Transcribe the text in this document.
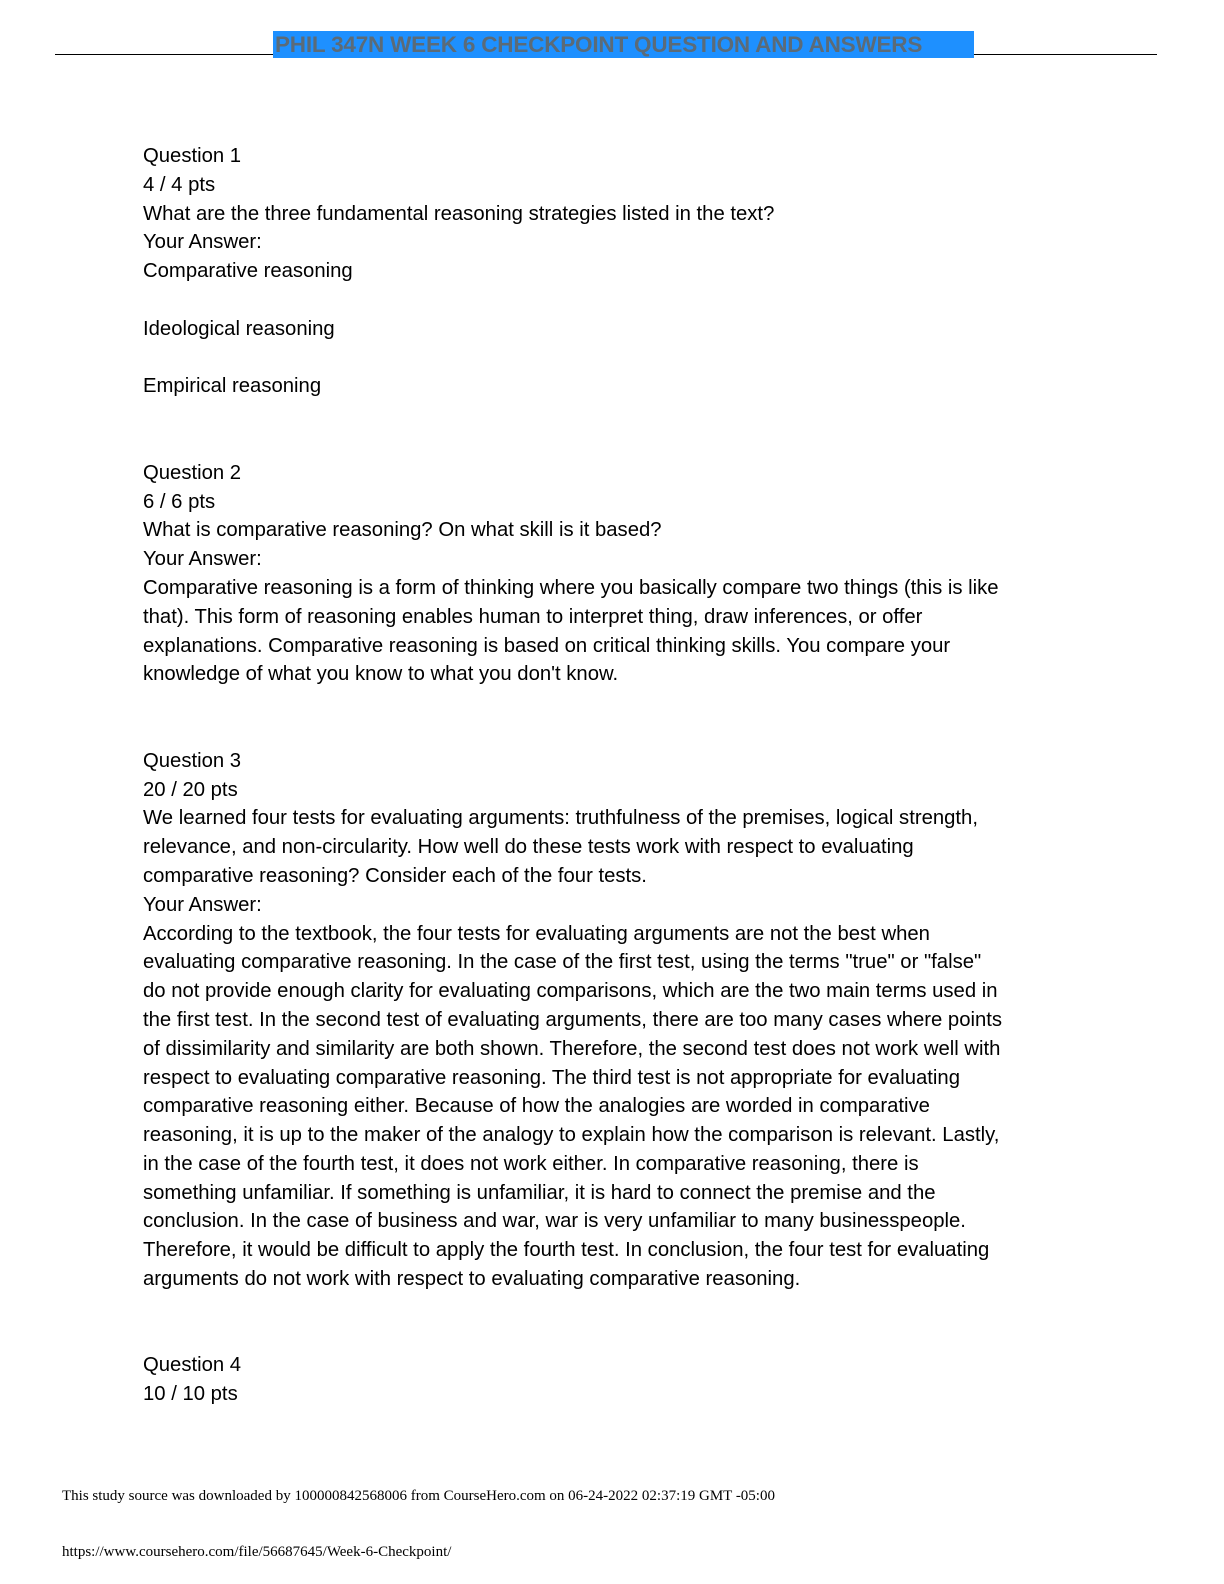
PHIL 347N WEEK 6 CHECKPOINT QUESTION AND ANSWERS
Question 1
4 / 4 pts
What are the three fundamental reasoning strategies listed in the text?
Your Answer:
Comparative reasoning
Ideological reasoning
Empirical reasoning
Question 2
6 / 6 pts
What is comparative reasoning? On what skill is it based?
Your Answer:
Comparative reasoning is a form of thinking where you basically compare two things (this is like
that). This form of reasoning enables human to interpret thing, draw inferences, or offer
explanations. Comparative reasoning is based on critical thinking skills. You compare your
knowledge of what you know to what you don't know.
Question 3
20 / 20 pts
We learned four tests for evaluating arguments: truthfulness of the premises, logical strength,
relevance, and non-circularity. How well do these tests work with respect to evaluating
comparative reasoning? Consider each of the four tests.
Your Answer:
According to the textbook, the four tests for evaluating arguments are not the best when
evaluating comparative reasoning. In the case of the first test, using the terms "true" or "false"
do not provide enough clarity for evaluating comparisons, which are the two main terms used in
the first test. In the second test of evaluating arguments, there are too many cases where points
of dissimilarity and similarity are both shown. Therefore, the second test does not work well with
respect to evaluating comparative reasoning. The third test is not appropriate for evaluating
comparative reasoning either. Because of how the analogies are worded in comparative
reasoning, it is up to the maker of the analogy to explain how the comparison is relevant. Lastly,
in the case of the fourth test, it does not work either. In comparative reasoning, there is
something unfamiliar. If something is unfamiliar, it is hard to connect the premise and the
conclusion. In the case of business and war, war is very unfamiliar to many businesspeople.
Therefore, it would be difficult to apply the fourth test. In conclusion, the four test for evaluating
arguments do not work with respect to evaluating comparative reasoning.
Question 4
10 / 10 pts
This study source was downloaded by 100000842568006 from CourseHero.com on 06-24-2022 02:37:19 GMT -05:00
https://www.coursehero.com/file/56687645/Week-6-Checkpoint/
